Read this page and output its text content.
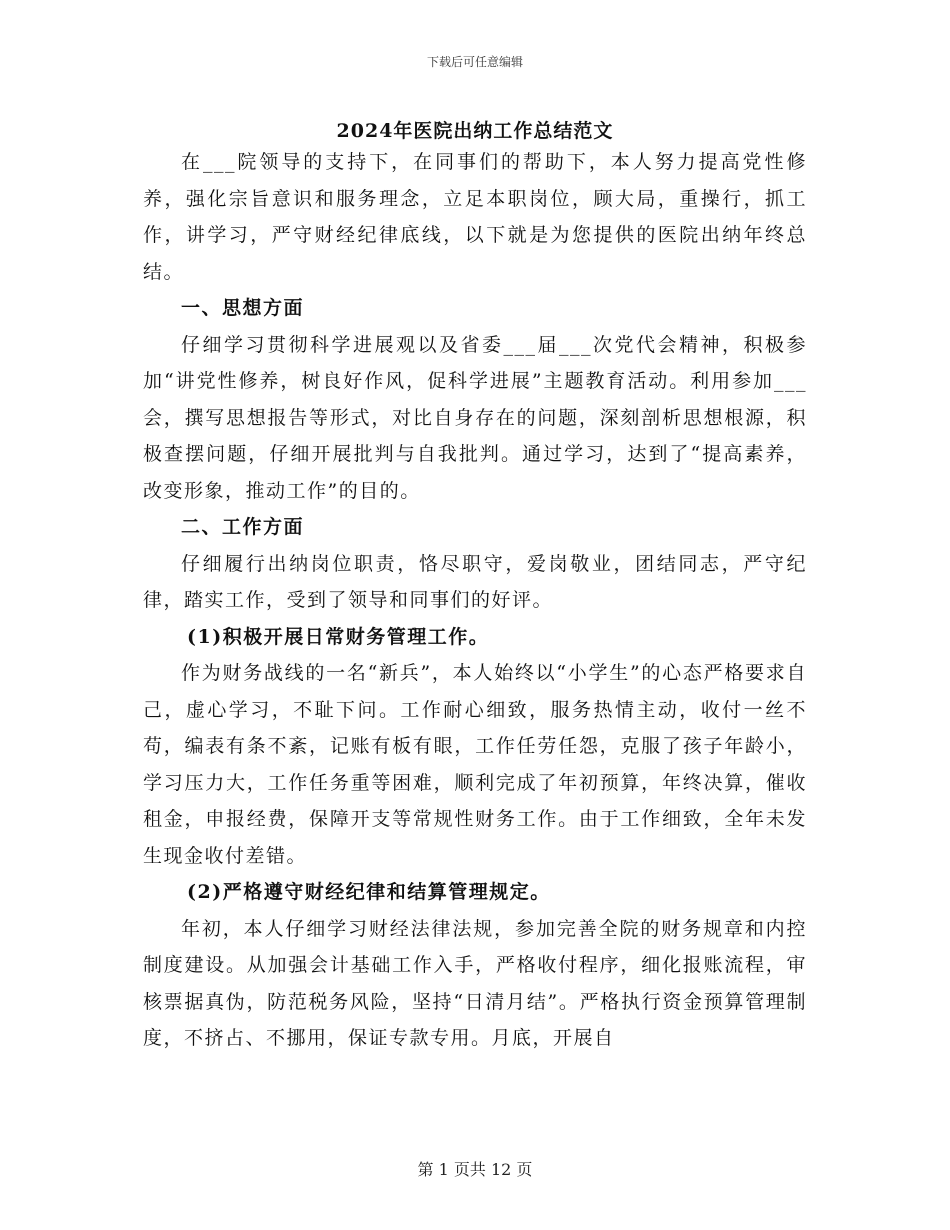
下载后可任意编辑
2024年医院出纳工作总结范文

在___院领导的支持下，在同事们的帮助下，本人努力提高党性修养，强化宗旨意识和服务理念，立足本职岗位，顾大局，重操行，抓工作，讲学习，严守财经纪律底线，以下就是为您提供的医院出纳年终总结。

一、思想方面

仔细学习贯彻科学进展观以及省委___届___次党代会精神，积极参加“讲党性修养，树良好作风，促科学进展”主题教育活动。利用参加___会，撰写思想报告等形式，对比自身存在的问题，深刻剖析思想根源，积极查摆问题，仔细开展批判与自我批判。通过学习，达到了“提高素养，改变形象，推动工作”的目的。

二、工作方面

仔细履行出纳岗位职责，恪尽职守，爱岗敬业，团结同志，严守纪律，踏实工作，受到了领导和同事们的好评。

(1)积极开展日常财务管理工作。

作为财务战线的一名“新兵”，本人始终以“小学生”的心态严格要求自己，虚心学习，不耻下问。工作耐心细致，服务热情主动，收付一丝不苟，编表有条不紊，记账有板有眼，工作任劳任怨，克服了孩子年龄小，学习压力大，工作任务重等困难，顺利完成了年初预算，年终决算，催收租金，申报经费，保障开支等常规性财务工作。由于工作细致，全年未发生现金收付差错。

(2)严格遵守财经纪律和结算管理规定。

年初，本人仔细学习财经法律法规，参加完善全院的财务规章和内控制度建设。从加强会计基础工作入手，严格收付程序，细化报账流程，审核票据真伪，防范税务风险，坚持“日清月结”。严格执行资金预算管理制度，不挤占、不挪用，保证专款专用。月底，开展自

第 1 页共 12 页
